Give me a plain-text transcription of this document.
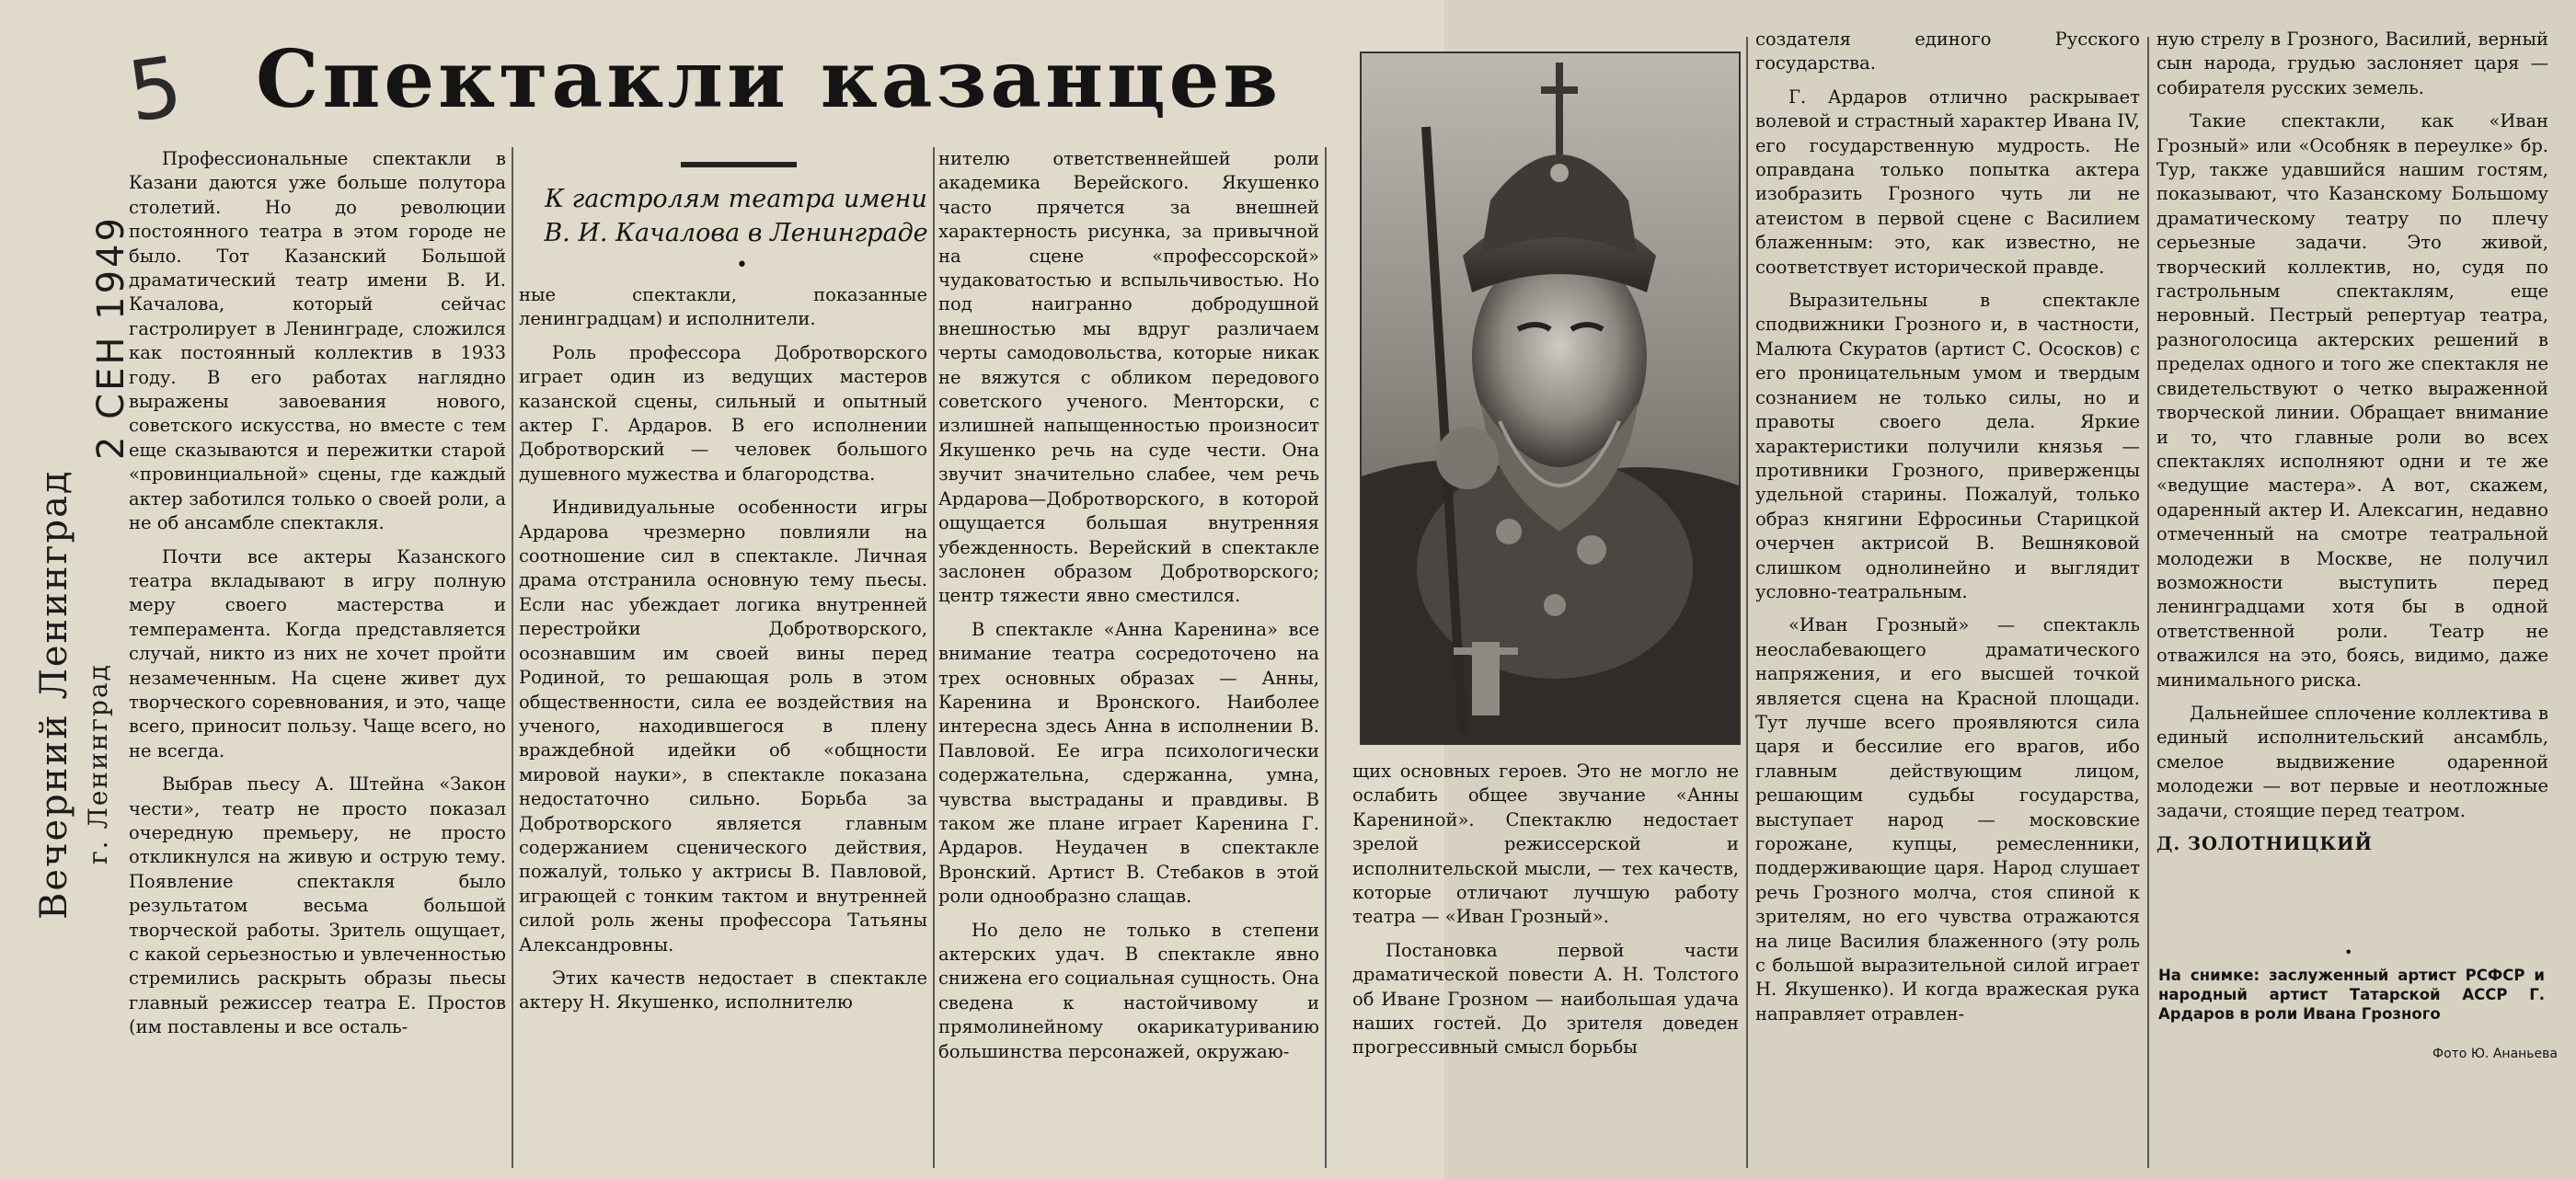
Вечерний Ленинград г. Ленинград
2 СЕН 1949
5 Спектакли казанцев
К гастролям театра имени В. И. Качалова в Ленинграде
•

Профессиональные спектакли в Казани даются уже больше полутора столетий. Но до революции постоянного театра в этом городе не было. Тот Казанский Большой драматический театр имени В. И. Качалова, который сейчас гастролирует в Ленинграде, сложился как постоянный коллектив в 1933 году. В его работах наглядно выражены завоевания нового, советского искусства, но вместе с тем еще сказываются и пережитки старой «провинциальной» сцены, где каждый актер заботился только о своей роли, а не об ансамбле спектакля.

Почти все актеры Казанского театра вкладывают в игру полную меру своего мастерства и темперамента. Когда представляется случай, никто из них не хочет пройти незамеченным. На сцене живет дух творческого соревнования, и это, чаще всего, приносит пользу. Чаще всего, но не всегда.

Выбрав пьесу А. Штейна «Закон чести», театр не просто показал очередную премьеру, не просто откликнулся на живую и острую тему. Появление спектакля было результатом весьма большой творческой работы. Зритель ощущает, с какой серьезностью и увлеченностью стремились раскрыть образы пьесы главный режиссер театра Е. Простов (им поставлены и все осталь-

ные спектакли, показанные ленинградцам) и исполнители.

Роль профессора Добротворского играет один из ведущих мастеров казанской сцены, сильный и опытный актер Г. Ардаров. В его исполнении Добротворский — человек большого душевного мужества и благородства.

Индивидуальные особенности игры Ардарова чрезмерно повлияли на соотношение сил в спектакле. Личная драма отстранила основную тему пьесы. Если нас убеждает логика внутренней перестройки Добротворского, осознавшим им своей вины перед Родиной, то решающая роль в этом общественности, сила ее воздействия на ученого, находившегося в плену враждебной идейки об «общности мировой науки», в спектакле показана недостаточно сильно. Борьба за Добротворского является главным содержанием сценического действия, пожалуй, только у актрисы В. Павловой, играющей с тонким тактом и внутренней силой роль жены профессора Татьяны Александровны.

Этих качеств недостает в спектакле актеру Н. Якушенко, исполнителю

нителю ответственнейшей роли академика Верейского. Якушенко часто прячется за внешней характерность рисунка, за привычной на сцене «профессорской» чудаковатостью и вспыльчивостью. Но под наигранно добродушной внешностью мы вдруг различаем черты самодовольства, которые никак не вяжутся с обликом передового советского ученого. Менторски, с излишней напыщенностью произносит Якушенко речь на суде чести. Она звучит значительно слабее, чем речь Ардарова—Добротворского, в которой ощущается большая внутренняя убежденность. Верейский в спектакле заслонен образом Добротворского; центр тяжести явно сместился.

В спектакле «Анна Каренина» все внимание театра сосредоточено на трех основных образах — Анны, Каренина и Вронского. Наиболее интересна здесь Анна в исполнении В. Павловой. Ее игра психологически содержательна, сдержанна, умна, чувства выстраданы и правдивы. В таком же плане играет Каренина Г. Ардаров. Неудачен в спектакле Вронский. Артист В. Стебаков в этой роли однообразно слащав.

Но дело не только в степени актерских удач. В спектакле явно снижена его социальная сущность. Она сведена к настойчивому и прямолинейному окарикатуриванию большинства персонажей, окружаю-

щих основных героев. Это не могло не ослабить общее звучание «Анны Карениной». Спектаклю недостает зрелой режиссерской и исполнительской мысли, — тех качеств, которые отличают лучшую работу театра — «Иван Грозный».

Постановка первой части драматической повести А. Н. Толстого об Иване Грозном — наибольшая удача наших гостей. До зрителя доведен прогрессивный смысл борьбы

создателя единого Русского государства.

Г. Ардаров отлично раскрывает волевой и страстный характер Ивана IV, его государственную мудрость. Не оправдана только попытка актера изобразить Грозного чуть ли не атеистом в первой сцене с Василием блаженным: это, как известно, не соответствует исторической правде.

Выразительны в спектакле сподвижники Грозного и, в частности, Малюта Скуратов (артист С. Ососков) с его проницательным умом и твердым сознанием не только силы, но и правоты своего дела. Яркие характеристики получили князья — противники Грозного, приверженцы удельной старины. Пожалуй, только образ княгини Ефросиньи Старицкой очерчен актрисой В. Вешняковой слишком однолинейно и выглядит условно-театральным.

«Иван Грозный» — спектакль неослабевающего драматического напряжения, и его высшей точкой является сцена на Красной площади. Тут лучше всего проявляются сила царя и бессилие его врагов, ибо главным действующим лицом, решающим судьбы государства, выступает народ — московские горожане, купцы, ремесленники, поддерживающие царя. Народ слушает речь Грозного молча, стоя спиной к зрителям, но его чувства отражаются на лице Василия блаженного (эту роль с большой выразительной силой играет Н. Якушенко). И когда вражеская рука направляет отравлен-

ную стрелу в Грозного, Василий, верный сын народа, грудью заслоняет царя — собирателя русских земель.

Такие спектакли, как «Иван Грозный» или «Особняк в переулке» бр. Тур, также удавшийся нашим гостям, показывают, что Казанскому Большому драматическому театру по плечу серьезные задачи. Это живой, творческий коллектив, но, судя по гастрольным спектаклям, еще неровный. Пестрый репертуар театра, разноголосица актерских решений в пределах одного и того же спектакля не свидетельствуют о четко выраженной творческой линии. Обращает внимание и то, что главные роли во всех спектаклях исполняют одни и те же «ведущие мастера». А вот, скажем, одаренный актер И. Алексагин, недавно отмеченный на смотре театральной молодежи в Москве, не получил возможности выступить перед ленинградцами хотя бы в одной ответственной роли. Театр не отважился на это, боясь, видимо, даже минимального риска.

Дальнейшее сплочение коллектива в единый исполнительский ансамбль, смелое выдвижение одаренной молодежи — вот первые и неотложные задачи, стоящие перед театром.

Д. ЗОЛОТНИЦКИЙ

•
На снимке: заслуженный артист РСФСР и народный артист Татарской АССР Г. Ардаров в роли Ивана Грозного
Фото Ю. Ананьева
